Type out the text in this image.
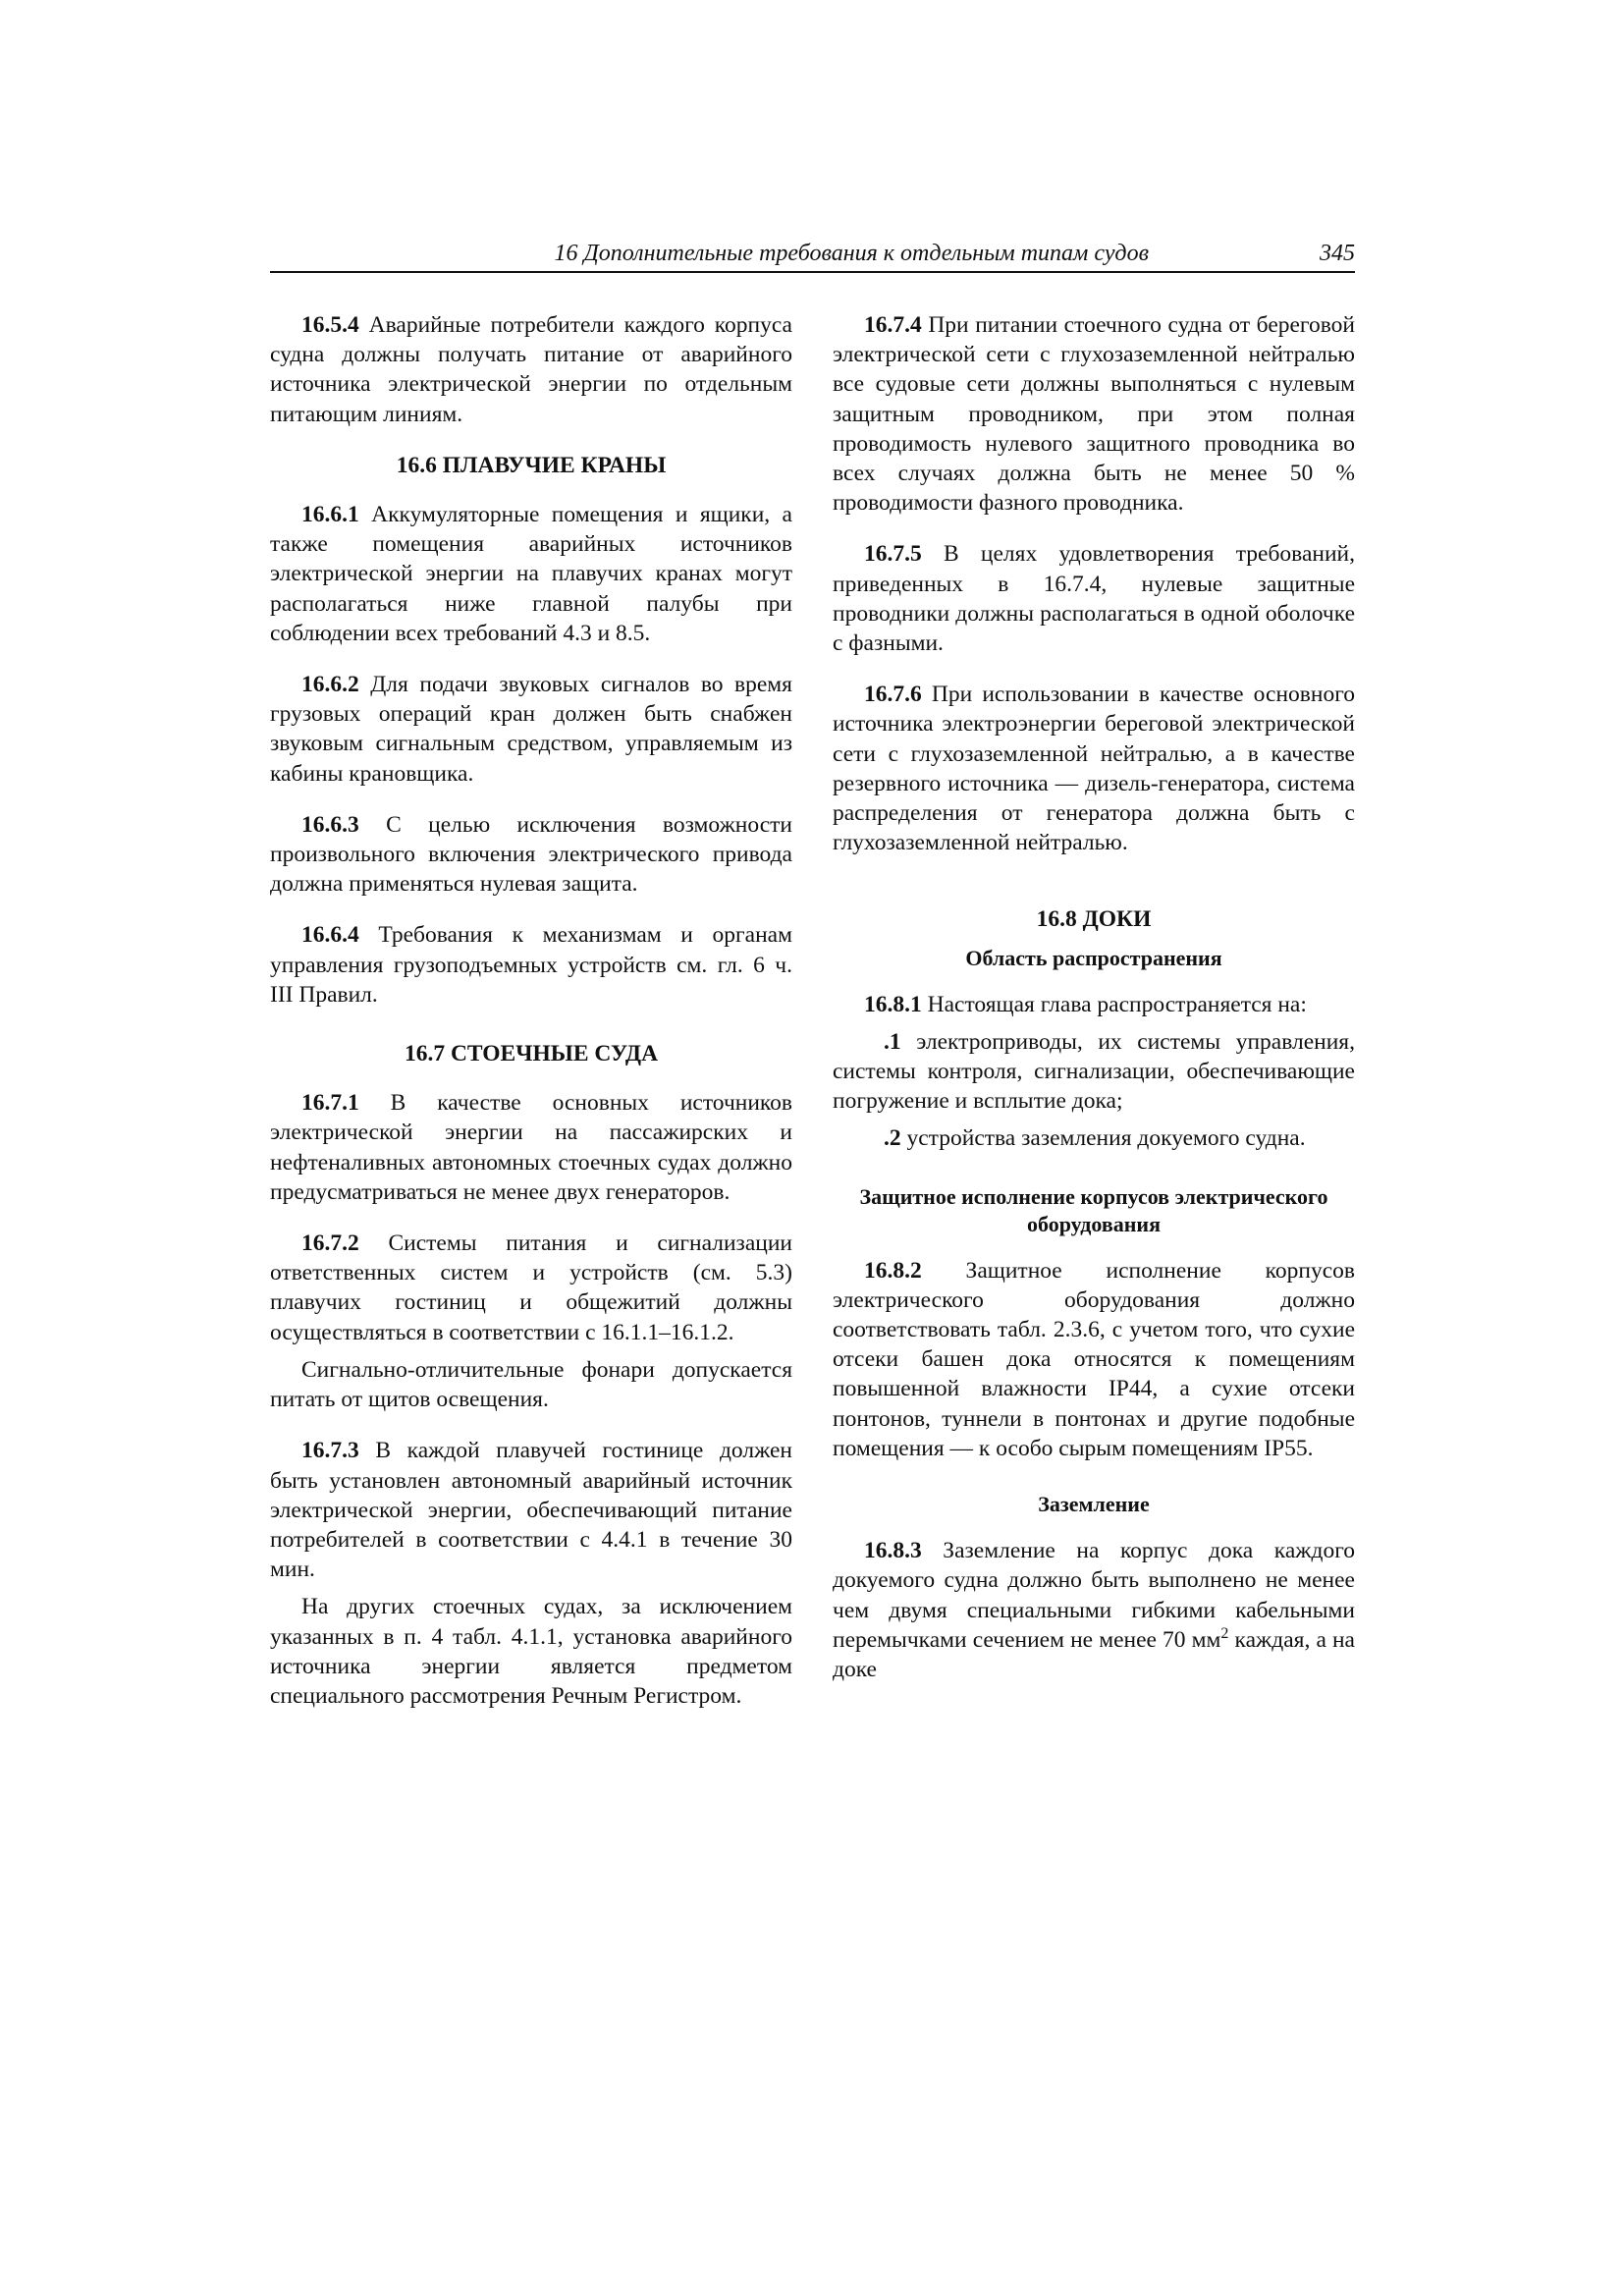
16 Дополнительные требования к отдельным типам судов	345

16.5.4 Аварийные потребители каждого корпуса судна должны получать питание от аварийного источника электрической энергии по отдельным питающим линиям.

16.6 ПЛАВУЧИЕ КРАНЫ

16.6.1 Аккумуляторные помещения и ящики, а также помещения аварийных источников электрической энергии на плавучих кранах могут располагаться ниже главной палубы при соблюдении всех требований 4.3 и 8.5.

16.6.2 Для подачи звуковых сигналов во время грузовых операций кран должен быть снабжен звуковым сигнальным средством, управляемым из кабины крановщика.

16.6.3 С целью исключения возможности произвольного включения электрического привода должна применяться нулевая защита.

16.6.4 Требования к механизмам и органам управления грузоподъемных устройств см. гл. 6 ч. III Правил.

16.7 СТОЕЧНЫЕ СУДА

16.7.1 В качестве основных источников электрической энергии на пассажирских и нефтеналивных автономных стоечных судах должно предусматриваться не менее двух генераторов.

16.7.2 Системы питания и сигнализации ответственных систем и устройств (см. 5.3) плавучих гостиниц и общежитий должны осуществляться в соответствии с 16.1.1–16.1.2.

Сигнально-отличительные фонари допускается питать от щитов освещения.

16.7.3 В каждой плавучей гостинице должен быть установлен автономный аварийный источник электрической энергии, обеспечивающий питание потребителей в соответствии с 4.4.1 в течение 30 мин.

На других стоечных судах, за исключением указанных в п. 4 табл. 4.1.1, установка аварийного источника энергии является предметом специального рассмотрения Речным Регистром.

16.7.4 При питании стоечного судна от береговой электрической сети с глухозаземленной нейтралью все судовые сети должны выполняться с нулевым защитным проводником, при этом полная проводимость нулевого защитного проводника во всех случаях должна быть не менее 50 % проводимости фазного проводника.

16.7.5 В целях удовлетворения требований, приведенных в 16.7.4, нулевые защитные проводники должны располагаться в одной оболочке с фазными.

16.7.6 При использовании в качестве основного источника электроэнергии береговой электрической сети с глухозаземленной нейтралью, а в качестве резервного источника — дизель-генератора, система распределения от генератора должна быть с глухозаземленной нейтралью.

16.8 ДОКИ
Область распространения

16.8.1 Настоящая глава распространяется на:

.1 электроприводы, их системы управления, системы контроля, сигнализации, обеспечивающие погружение и всплытие дока;

.2 устройства заземления докуемого судна.

Защитное исполнение корпусов электрического оборудования

16.8.2 Защитное исполнение корпусов электрического оборудования должно соответствовать табл. 2.3.6, с учетом того, что сухие отсеки башен дока относятся к помещениям повышенной влажности IP44, а сухие отсеки понтонов, туннели в понтонах и другие подобные помещения — к особо сырым помещениям IP55.

Заземление

16.8.3 Заземление на корпус дока каждого докуемого судна должно быть выполнено не менее чем двумя специальными гибкими кабельными перемычками сечением не менее 70 $мм^2$ каждая, а на доке
